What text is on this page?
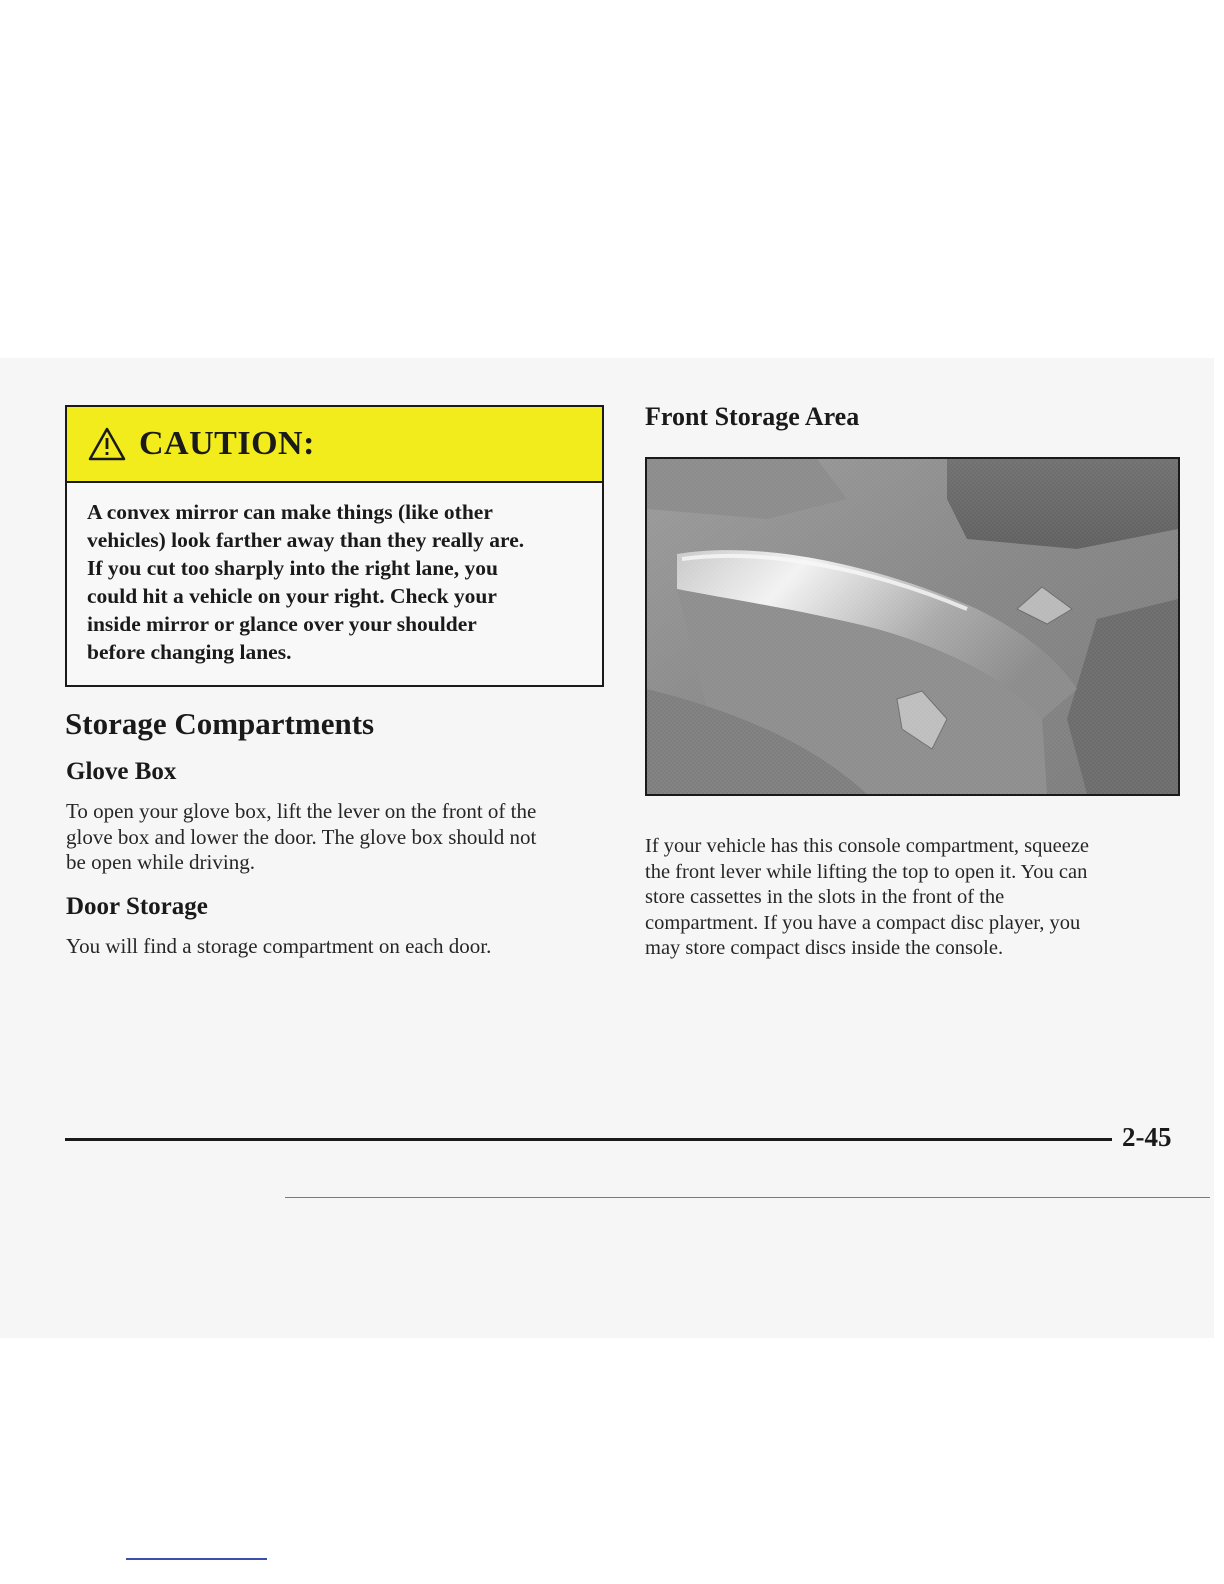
CAUTION:
A convex mirror can make things (like other
vehicles) look farther away than they really are.
If you cut too sharply into the right lane, you
could hit a vehicle on your right. Check your
inside mirror or glance over your shoulder
before changing lanes.
Storage Compartments
Glove Box
To open your glove box, lift the lever on the front of the
glove box and lower the door. The glove box should not
be open while driving.
Door Storage
You will find a storage compartment on each door.
Front Storage Area
If your vehicle has this console compartment, squeeze
the front lever while lifting the top to open it. You can
store cassettes in the slots in the front of the
compartment. If you have a compact disc player, you
may store compact discs inside the console.
2-45
